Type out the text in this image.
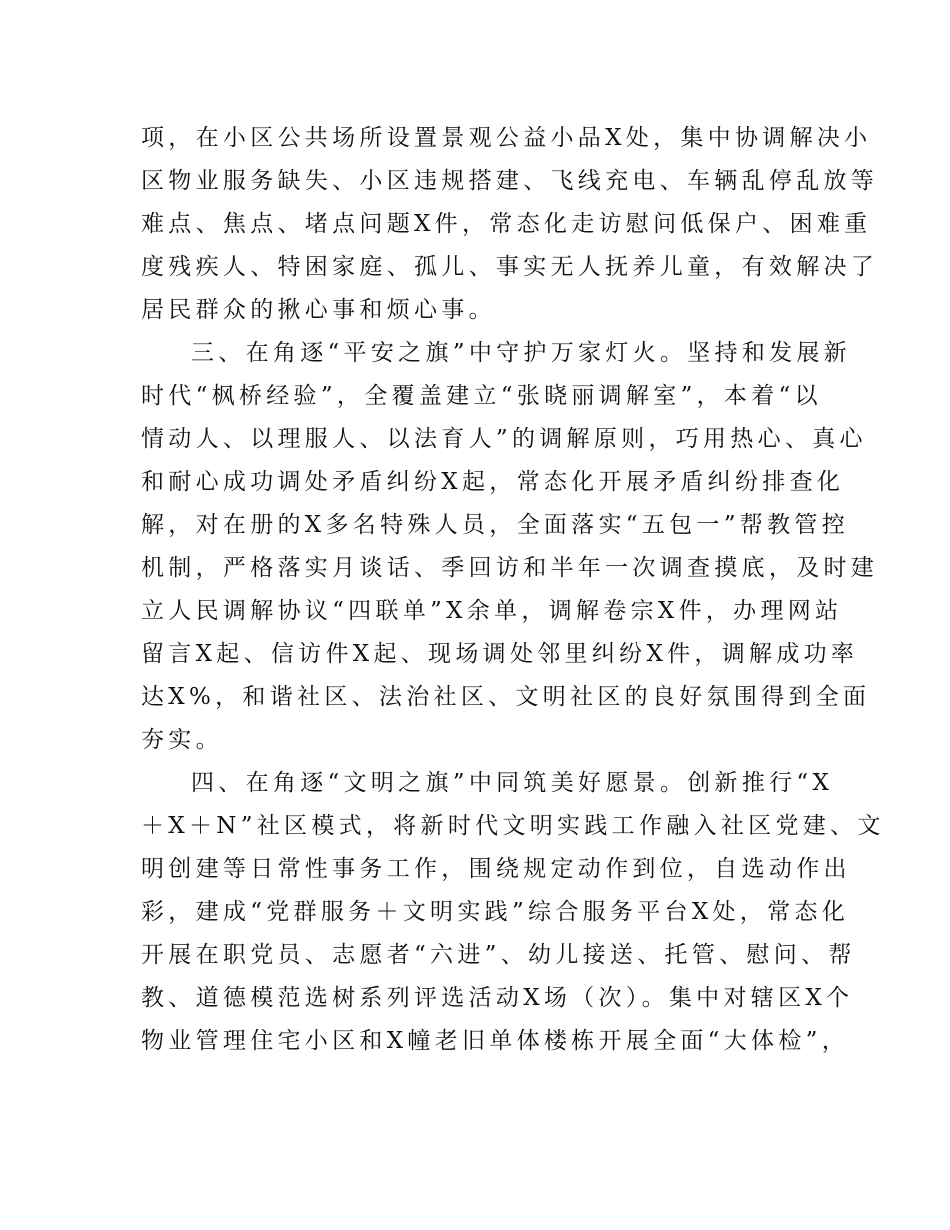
项，在小区公共场所设置景观公益小品X处，集中协调解决小
区物业服务缺失、小区违规搭建、飞线充电、车辆乱停乱放等
难点、焦点、堵点问题X件，常态化走访慰问低保户、困难重
度残疾人、特困家庭、孤儿、事实无人抚养儿童，有效解决了
居民群众的揪心事和烦心事。
三、在角逐“平安之旗”中守护万家灯火。坚持和发展新
时代“枫桥经验”，全覆盖建立“张晓丽调解室”，本着“以
情动人、以理服人、以法育人”的调解原则，巧用热心、真心
和耐心成功调处矛盾纠纷X起，常态化开展矛盾纠纷排查化
解，对在册的X多名特殊人员，全面落实“五包一”帮教管控
机制，严格落实月谈话、季回访和半年一次调查摸底，及时建
立人民调解协议“四联单”X余单，调解卷宗X件，办理网站
留言X起、信访件X起、现场调处邻里纠纷X件，调解成功率
达X%，和谐社区、法治社区、文明社区的良好氛围得到全面
夯实。
四、在角逐“文明之旗”中同筑美好愿景。创新推行“X
＋X＋N”社区模式，将新时代文明实践工作融入社区党建、文
明创建等日常性事务工作，围绕规定动作到位，自选动作出
彩，建成“党群服务＋文明实践”综合服务平台X处，常态化
开展在职党员、志愿者“六进”、幼儿接送、托管、慰问、帮
教、道德模范选树系列评选活动X场（次）。集中对辖区X个
物业管理住宅小区和X幢老旧单体楼栋开展全面“大体检”，
